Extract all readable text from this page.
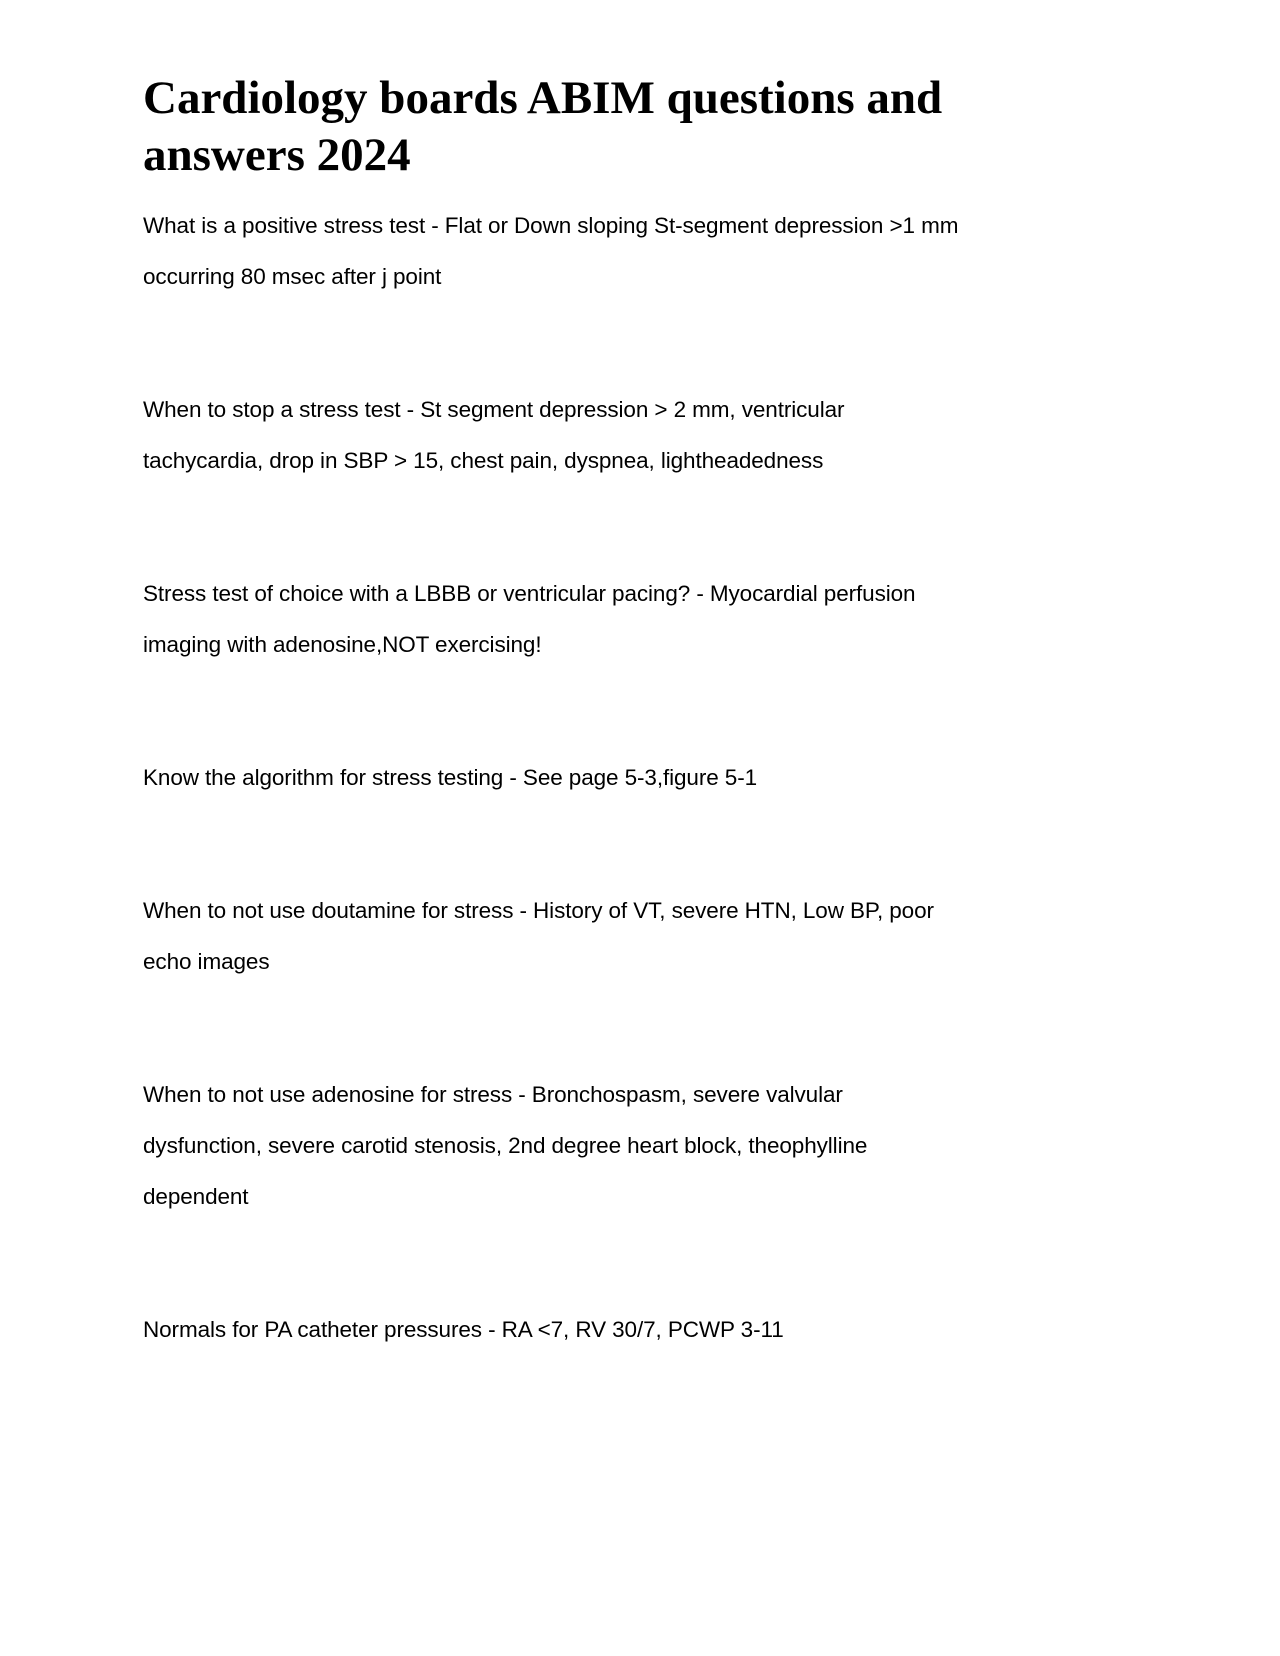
Cardiology boards ABIM questions and
answers 2024
What is a positive stress test - Flat or Down sloping St-segment depression >1 mm
occurring 80 msec after j point
When to stop a stress test - St segment depression > 2 mm, ventricular
tachycardia, drop in SBP > 15, chest pain, dyspnea, lightheadedness
Stress test of choice with a LBBB or ventricular pacing? - Myocardial perfusion
imaging with adenosine,NOT exercising!
Know the algorithm for stress testing - See page 5-3,figure 5-1
When to not use doutamine for stress - History of VT, severe HTN, Low BP, poor
echo images
When to not use adenosine for stress - Bronchospasm, severe valvular
dysfunction, severe carotid stenosis, 2nd degree heart block, theophylline
dependent
Normals for PA catheter pressures - RA <7, RV 30/7, PCWP 3-11
